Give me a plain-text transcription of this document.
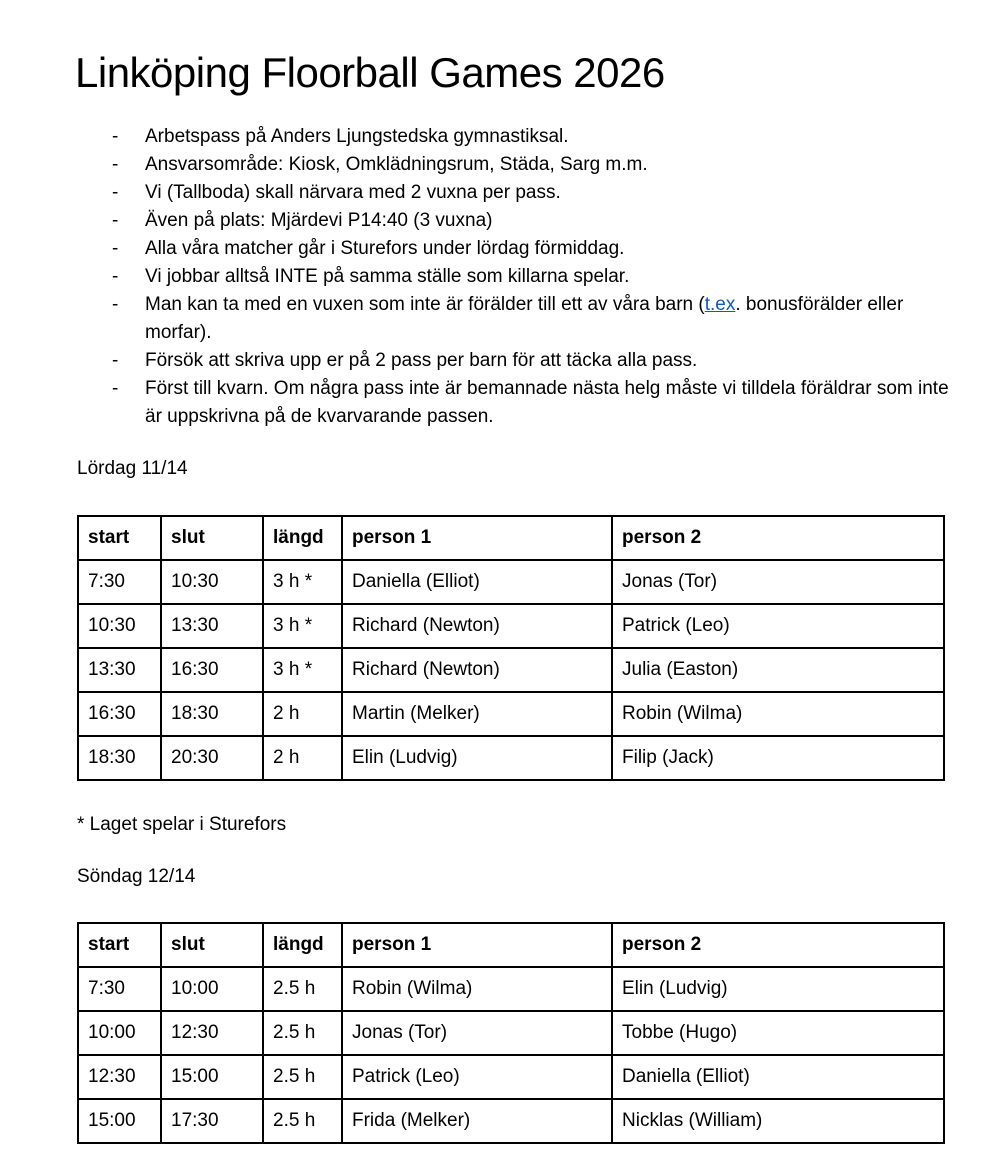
Linköping Floorball Games 2026
-	Arbetspass på Anders Ljungstedska gymnastiksal.
-	Ansvarsområde: Kiosk, Omklädningsrum, Städa, Sarg m.m.
-	Vi (Tallboda) skall närvara med 2 vuxna per pass.
-	Även på plats: Mjärdevi P14:40 (3 vuxna)
-	Alla våra matcher går i Sturefors under lördag förmiddag.
-	Vi jobbar alltså INTE på samma ställe som killarna spelar.
-	Man kan ta med en vuxen som inte är förälder till ett av våra barn (t.ex. bonusförälder eller morfar).
-	Försök att skriva upp er på 2 pass per barn för att täcka alla pass.
-	Först till kvarn. Om några pass inte är bemannade nästa helg måste vi tilldela föräldrar som inte är uppskrivna på de kvarvarande passen.

Lördag 11/14

start	slut	längd	person 1	person 2
7:30	10:30	3 h *	Daniella (Elliot)	Jonas (Tor)
10:30	13:30	3 h *	Richard (Newton)	Patrick (Leo)
13:30	16:30	3 h *	Richard (Newton)	Julia (Easton)
16:30	18:30	2 h	Martin (Melker)	Robin (Wilma)
18:30	20:30	2 h	Elin (Ludvig)	Filip (Jack)

* Laget spelar i Sturefors

Söndag 12/14

start	slut	längd	person 1	person 2
7:30	10:00	2.5 h	Robin (Wilma)	Elin (Ludvig)
10:00	12:30	2.5 h	Jonas (Tor)	Tobbe (Hugo)
12:30	15:00	2.5 h	Patrick (Leo)	Daniella (Elliot)
15:00	17:30	2.5 h	Frida (Melker)	Nicklas (William)
